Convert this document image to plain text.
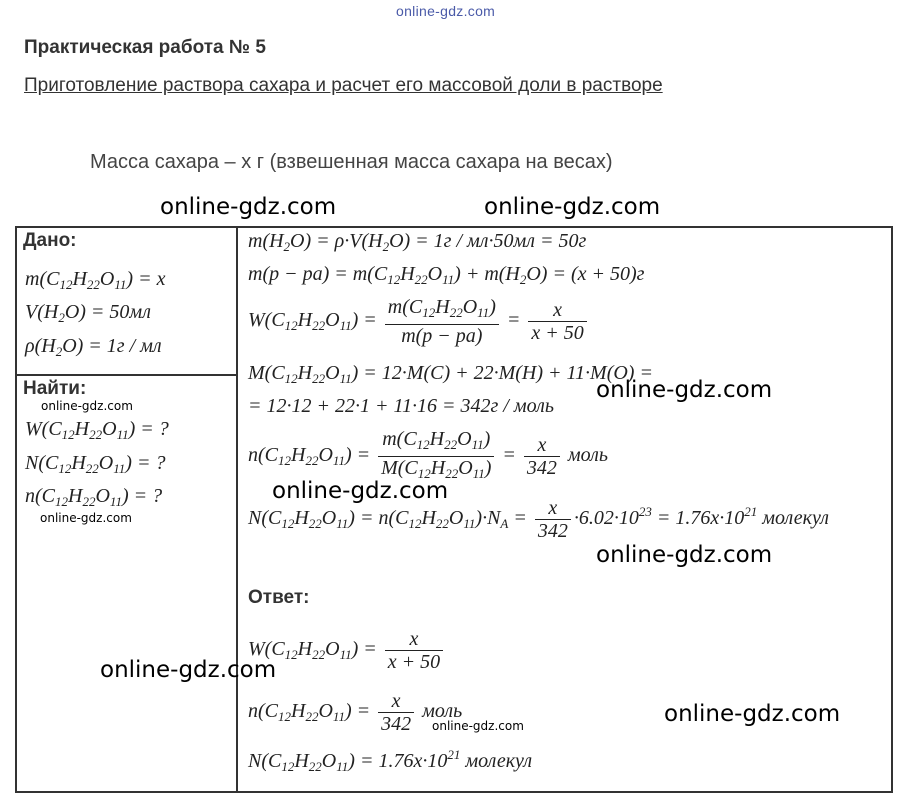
online-gdz.com
Практическая работа № 5
Приготовление раствора сахара и расчет его массовой доли в растворе
Масса сахара – x г (взвешенная масса сахара на весах)
Дано:
$m(C_{12}H_{22}O_{11}) = x$
$V(H_2O) = 50мл$
$\rho(H_2O) = 1г$ / мл
Найти:
$W(C_{12}H_{22}O_{11})$ = ?
$N(C_{12}H_{22}O_{11})$ = ?
$n(C_{12}H_{22}O_{11})$ = ?
$m(H_2O) = \rho\cdot V(H_2O) = 1г / мл\cdot 50мл = 50г$
$m(p - pa) = m(C_{12}H_{22}O_{11}) + m(H_2O) = (x + 50)г$
$W(C_{12}H_{22}O_{11}) = \frac{m(C_{12}H_{22}O_{11})}{m(p - pa)} = \frac{x}{x + 50}$
$M(C_{12}H_{22}O_{11}) = 12\cdot M(C) + 22\cdot M(H) + 11\cdot M(O)$ =
= 12·12 + 22·1 + 11·16 = 342г / моль
$n(C_{12}H_{22}O_{11}) = \frac{m(C_{12}H_{22}O_{11})}{M(C_{12}H_{22}O_{11})} = \frac{x}{342}$ моль
$N(C_{12}H_{22}O_{11}) = n(C_{12}H_{22}O_{11})\cdot N_A = \frac{x}{342} \cdot 6.02\cdot 10^{23} = 1.76x\cdot 10^{21}$ молекул
Ответ:
$W(C_{12}H_{22}O_{11}) = \frac{x}{x + 50}$
$n(C_{12}H_{22}O_{11}) = \frac{x}{342}$ моль
$N(C_{12}H_{22}O_{11}) = 1.76x\cdot 10^{21}$ молекул
online-gdz.com	online-gdz.com
online-gdz.com
online-gdz.com
online-gdz.com
online-gdz.com
online-gdz.com
online-gdz.com
online-gdz.com
online-gdz.com
